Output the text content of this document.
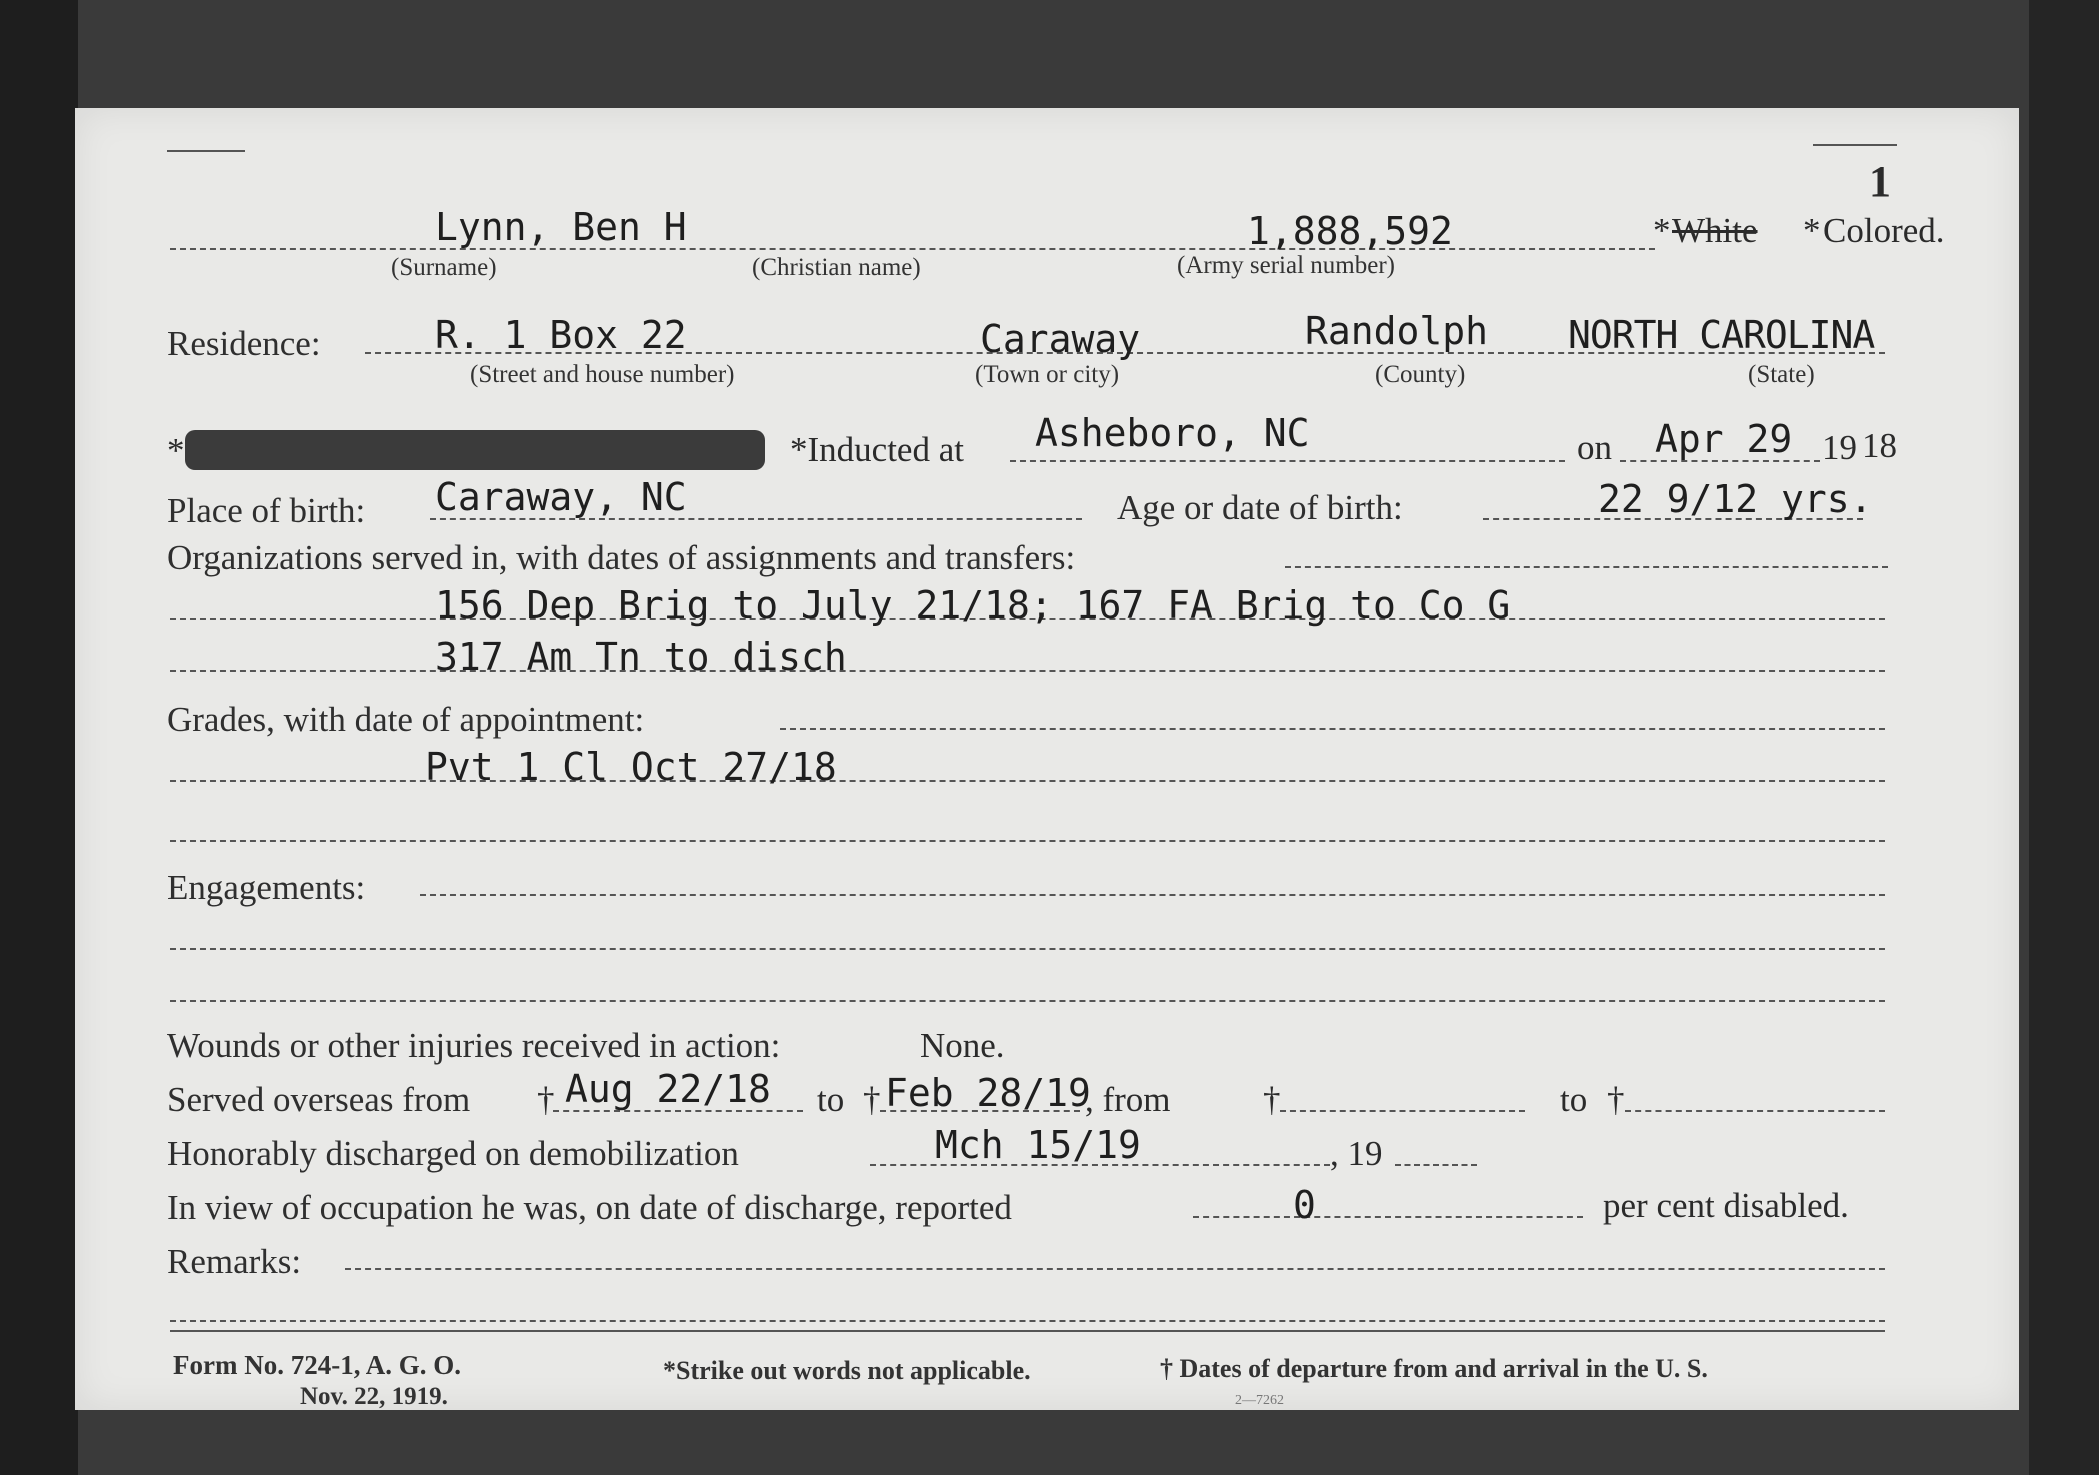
1
Lynn, Ben H
(Surname)	(Christian name)
1,888,592
(Army serial number)
* White * Colored.
Residence:	R. 1 Box 22
(Street and house number)
Caraway
(Town or city)
Randolph
(County)
NORTH CAROLINA
(State)
*	*Inducted at Asheboro, NC	on Apr 29 19 18
Place of birth: Caraway, NC	Age or date of birth:	22 9/12 yrs.
Organizations served in, with dates of assignments and transfers:
156 Dep Brig to July 21/18; 167 FA Brig to Co G
317 Am Tn to disch
Grades, with date of appointment:
Pvt 1 Cl Oct 27/18
Engagements:
Wounds or other injuries received in action:	None.
Served overseas from † Aug 22/18 to † Feb 28/19
, from	†	to †
Honorably discharged on demobilization	Mch 15/19	, 19
In view of occupation he was, on date of discharge, reported	0	per cent disabled.
Remarks:
Form No. 724-1, A. G. O.
Nov. 22, 1919.
*Strike out words not applicable.	† Dates of departure from and arrival in the U. S.
2—7262
